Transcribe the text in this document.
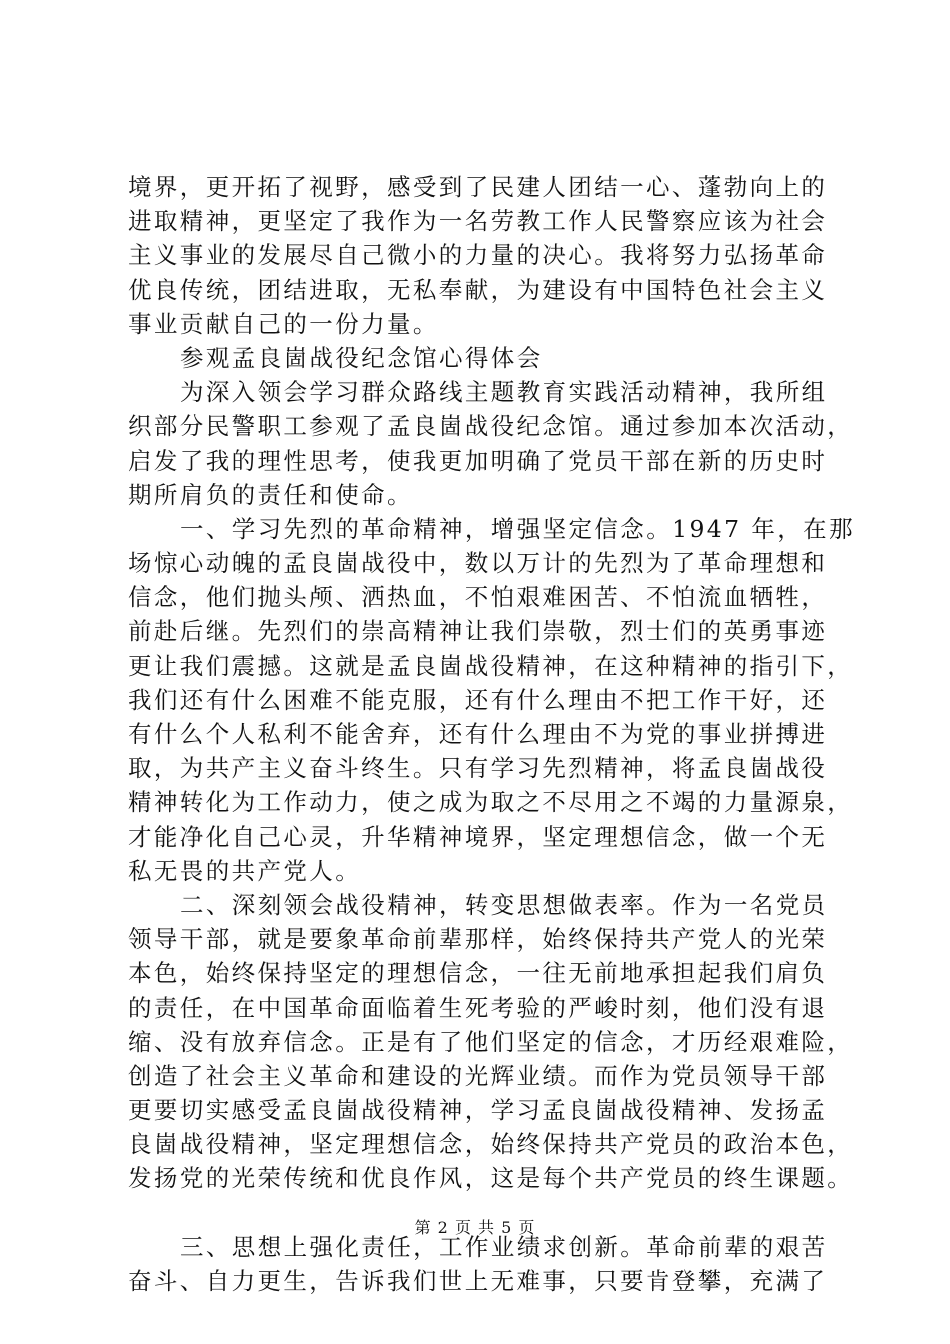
境界，更开拓了视野，感受到了民建人团结一心、蓬勃向上的
进取精神，更坚定了我作为一名劳教工作人民警察应该为社会
主义事业的发展尽自己微小的力量的决心。我将努力弘扬革命
优良传统，团结进取，无私奉献，为建设有中国特色社会主义
事业贡献自己的一份力量。
参观孟良崮战役纪念馆心得体会
为深入领会学习群众路线主题教育实践活动精神，我所组
织部分民警职工参观了孟良崮战役纪念馆。通过参加本次活动，
启发了我的理性思考，使我更加明确了党员干部在新的历史时
期所肩负的责任和使命。
一、学习先烈的革命精神，增强坚定信念。1947 年，在那
场惊心动魄的孟良崮战役中，数以万计的先烈为了革命理想和
信念，他们抛头颅、洒热血，不怕艰难困苦、不怕流血牺牲，
前赴后继。先烈们的崇高精神让我们崇敬，烈士们的英勇事迹
更让我们震撼。这就是孟良崮战役精神，在这种精神的指引下，
我们还有什么困难不能克服，还有什么理由不把工作干好，还
有什么个人私利不能舍弃，还有什么理由不为党的事业拼搏进
取，为共产主义奋斗终生。只有学习先烈精神，将孟良崮战役
精神转化为工作动力，使之成为取之不尽用之不竭的力量源泉，
才能净化自己心灵，升华精神境界，坚定理想信念，做一个无
私无畏的共产党人。
二、深刻领会战役精神，转变思想做表率。作为一名党员
领导干部，就是要象革命前辈那样，始终保持共产党人的光荣
本色，始终保持坚定的理想信念，一往无前地承担起我们肩负
的责任，在中国革命面临着生死考验的严峻时刻，他们没有退
缩、没有放弃信念。正是有了他们坚定的信念，才历经艰难险，
创造了社会主义革命和建设的光辉业绩。而作为党员领导干部
更要切实感受孟良崮战役精神，学习孟良崮战役精神、发扬孟
良崮战役精神，坚定理想信念，始终保持共产党员的政治本色，
发扬党的光荣传统和优良作风，这是每个共产党员的终生课题。
三、思想上强化责任，工作业绩求创新。革命前辈的艰苦
奋斗、自力更生，告诉我们世上无难事，只要肯登攀，充满了
第 2 页 共 5 页
